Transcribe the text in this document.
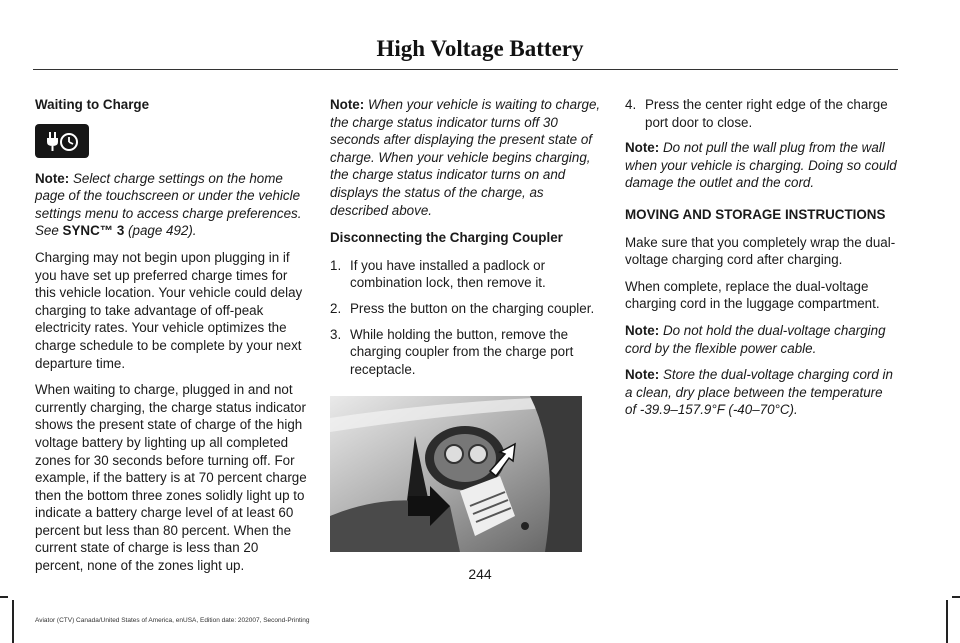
High Voltage Battery
Waiting to Charge

Note: Select charge settings on the home page of the touchscreen or under the vehicle settings menu to access charge preferences. See SYNC™ 3 (page 492).

Charging may not begin upon plugging in if you have set up preferred charge times for this vehicle location. Your vehicle could delay charging to take advantage of off-peak electricity rates. Your vehicle optimizes the charge schedule to be complete by your next departure time.

When waiting to charge, plugged in and not currently charging, the charge status indicator shows the present state of charge of the high voltage battery by lighting up all completed zones for 30 seconds before turning off. For example, if the battery is at 70 percent charge then the bottom three zones solidly light up to indicate a battery charge level of at least 60 percent but less than 80 percent. When the current state of charge is less than 20 percent, none of the zones light up.

Note: When your vehicle is waiting to charge, the charge status indicator turns off 30 seconds after displaying the present state of charge. When your vehicle begins charging, the charge status indicator turns on and displays the status of the charge, as described above.

Disconnecting the Charging Coupler
1. If you have installed a padlock or combination lock, then remove it.
2. Press the button on the charging coupler.
3. While holding the button, remove the charging coupler from the charge port receptacle.
4. Press the center right edge of the charge port door to close.

Note: Do not pull the wall plug from the wall when your vehicle is charging. Doing so could damage the outlet and the cord.

MOVING AND STORAGE INSTRUCTIONS

Make sure that you completely wrap the dual-voltage charging cord after charging.

When complete, replace the dual-voltage charging cord in the luggage compartment.

Note: Do not hold the dual-voltage charging cord by the flexible power cable.

Note: Store the dual-voltage charging cord in a clean, dry place between the temperature of -39.9–157.9°F (-40–70°C).

244
Aviator (CTV) Canada/United States of America, enUSA, Edition date: 202007, Second-Printing
